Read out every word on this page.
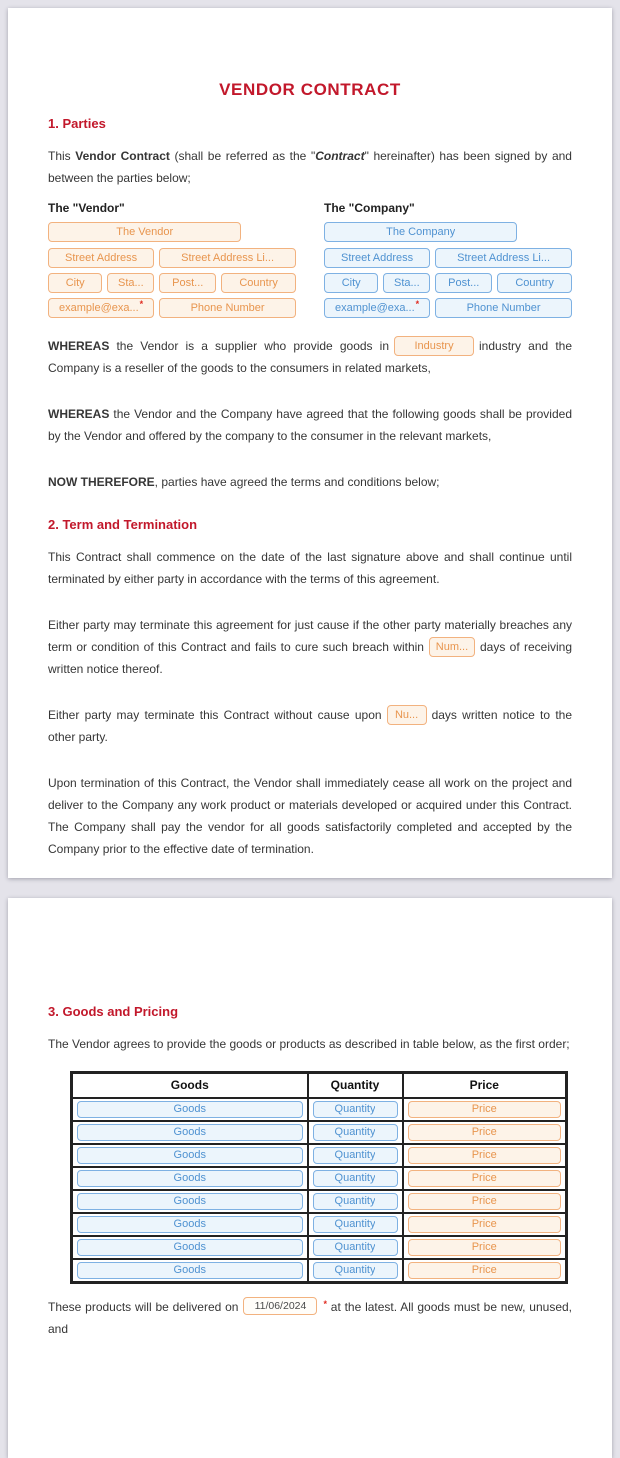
VENDOR CONTRACT
1. Parties

This Vendor Contract (shall be referred as the "Contract" hereinafter) has been signed by and between the parties below;

The "Vendor"
The Vendor
Street Address	Street Address Li...
City	Sta...	Post...	Country
example@exa... *	Phone Number
The "Company"
The Company
Street Address	Street Address Li...
City	Sta...	Post...	Country
example@exa... *	Phone Number

WHEREAS the Vendor is a supplier who provide goods in Industry industry and the Company is a reseller of the goods to the consumers in related markets,

WHEREAS the Vendor and the Company have agreed that the following goods shall be provided by the Vendor and offered by the company to the consumer in the relevant markets,

NOW THEREFORE, parties have agreed the terms and conditions below;

2. Term and Termination

This Contract shall commence on the date of the last signature above and shall continue until terminated by either party in accordance with the terms of this agreement.

Either party may terminate this agreement for just cause if the other party materially breaches any term or condition of this Contract and fails to cure such breach within Num... days of receiving written notice thereof.

Either party may terminate this Contract without cause upon Nu... days written notice to the other party.

Upon termination of this Contract, the Vendor shall immediately cease all work on the project and deliver to the Company any work product or materials developed or acquired under this Contract. The Company shall pay the vendor for all goods satisfactorily completed and accepted by the Company prior to the effective date of termination.

3. Goods and Pricing

The Vendor agrees to provide the goods or products as described in table below, as the first order;

Goods	Quantity	Price

Goods	Quantity	Price

Goods	Quantity	Price

Goods	Quantity	Price

Goods	Quantity	Price

Goods	Quantity	Price

Goods	Quantity	Price

Goods	Quantity	Price

Goods	Quantity	Price

These products will be delivered on 11/06/2024 * at the latest. All goods must be new, unused, and
